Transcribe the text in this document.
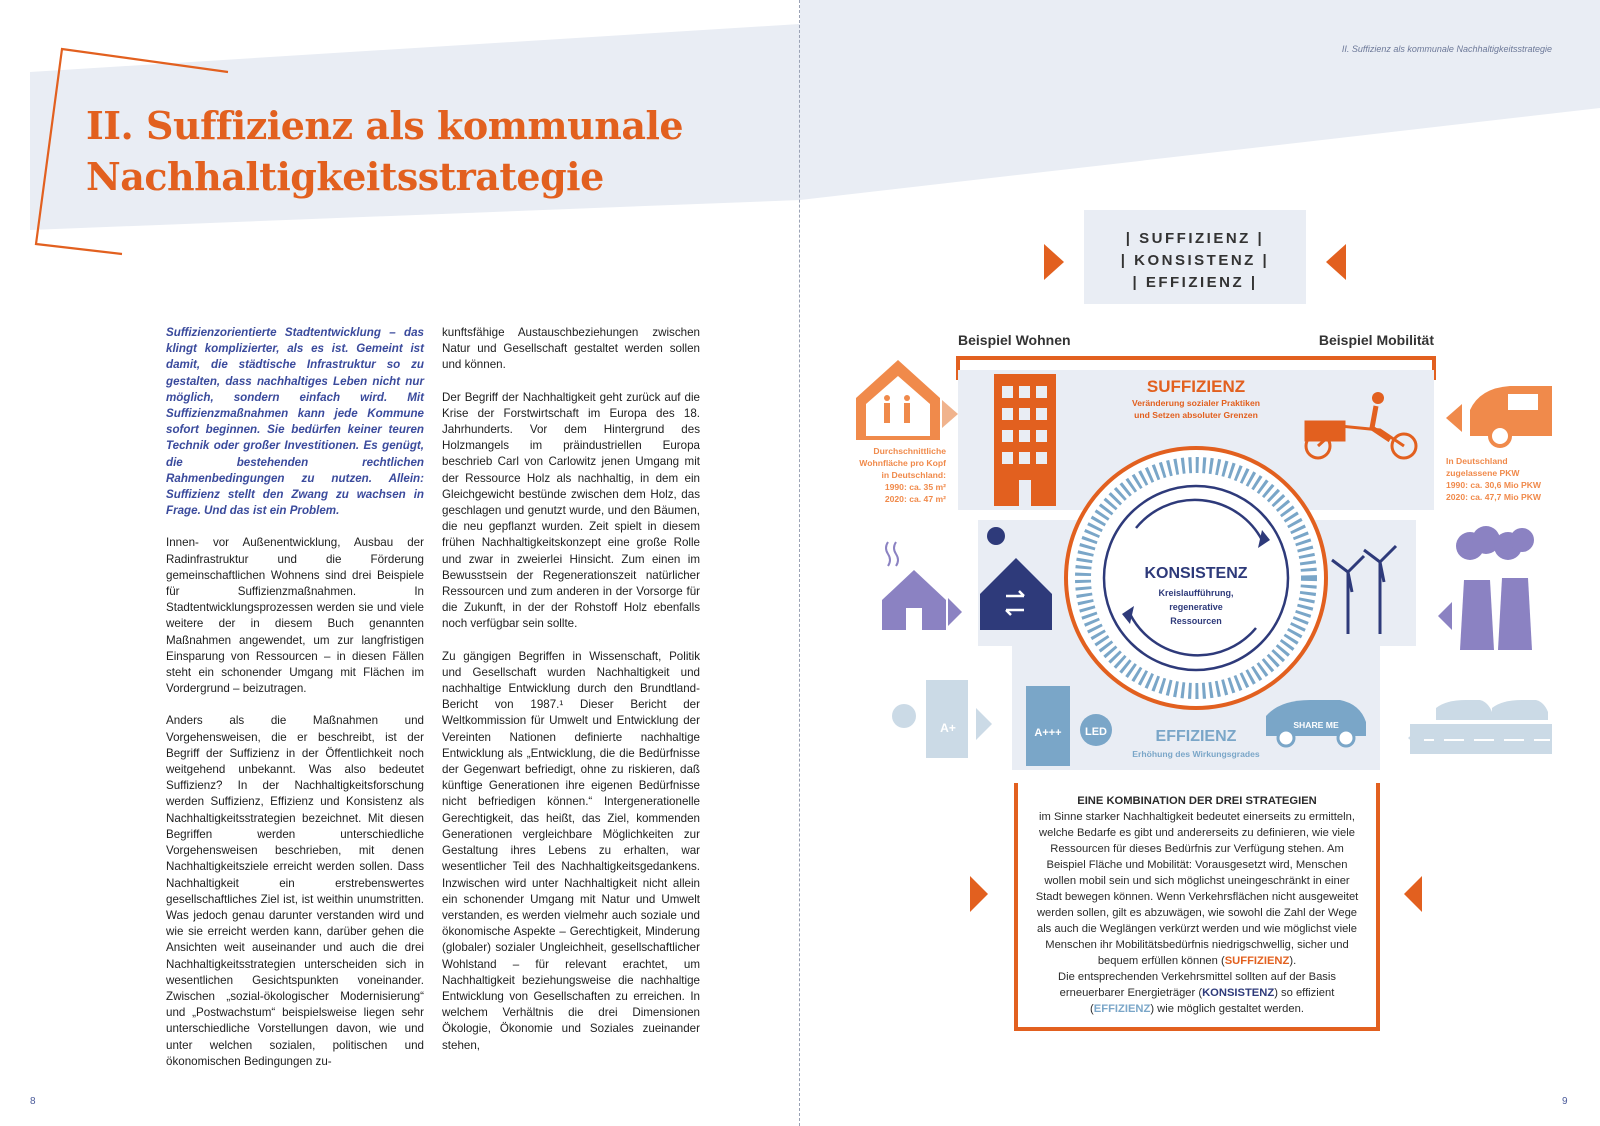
II. Suffizienz als kommunale Nachhaltigkeitsstrategie
II. Suffizienz als kommunale
Nachhaltigkeitsstrategie

Suffizienzorientierte Stadtentwicklung – das klingt komplizierter, als es ist. Gemeint ist damit, die städtische Infrastruktur so zu gestalten, dass nachhaltiges Leben nicht nur möglich, sondern einfach wird. Mit Suffizienzmaßnahmen kann jede Kommune sofort beginnen. Sie bedürfen keiner teuren Technik oder großer Investitionen. Es genügt, die bestehenden rechtlichen Rahmenbedingungen zu nutzen. Allein: Suffizienz stellt den Zwang zu wachsen in Frage. Und das ist ein Problem.

Innen- vor Außenentwicklung, Ausbau der Radinfrastruktur und die Förderung gemeinschaftlichen Wohnens sind drei Beispiele für Suffizienzmaßnahmen. In Stadtentwicklungsprozessen werden sie und viele weitere der in diesem Buch genannten Maßnahmen angewendet, um zur langfristigen Einsparung von Ressourcen – in diesen Fällen steht ein schonender Umgang mit Flächen im Vordergrund – beizutragen.

Anders als die Maßnahmen und Vorgehensweisen, die er beschreibt, ist der Begriff der Suffizienz in der Öffentlichkeit noch weitgehend unbekannt. Was also bedeutet Suffizienz? In der Nachhaltigkeitsforschung werden Suffizienz, Effizienz und Konsistenz als Nachhaltigkeitsstrategien bezeichnet. Mit diesen Begriffen werden unterschiedliche Vorgehensweisen beschrieben, mit denen Nachhaltigkeitsziele erreicht werden sollen. Dass Nachhaltigkeit ein erstrebenswertes gesellschaftliches Ziel ist, ist weithin unumstritten. Was jedoch genau darunter verstanden wird und wie sie erreicht werden kann, darüber gehen die Ansichten weit auseinander und auch die drei Nachhaltigkeitsstrategien unterscheiden sich in wesentlichen Gesichtspunkten voneinander. Zwischen „sozial-ökologischer Modernisierung“ und „Postwachstum“ beispielsweise liegen sehr unterschiedliche Vorstellungen davon, wie und unter welchen sozialen, politischen und ökonomischen Bedingungen zu-

kunftsfähige Austauschbeziehungen zwischen Natur und Gesellschaft gestaltet werden sollen und können.

Der Begriff der Nachhaltigkeit geht zurück auf die Krise der Forstwirtschaft im Europa des 18. Jahrhunderts. Vor dem Hintergrund des Holzmangels im präindustriellen Europa beschrieb Carl von Carlowitz jenen Umgang mit der Ressource Holz als nachhaltig, in dem ein Gleichgewicht bestünde zwischen dem Holz, das geschlagen und genutzt wurde, und den Bäumen, die neu gepflanzt wurden. Zeit spielt in diesem frühen Nachhaltigkeitskonzept eine große Rolle und zwar in zweierlei Hinsicht. Zum einen im Bewusstsein der Regenerationszeit natürlicher Ressourcen und zum anderen in der Vorsorge für die Zukunft, in der der Rohstoff Holz ebenfalls noch verfügbar sein sollte.

Zu gängigen Begriffen in Wissenschaft, Politik und Gesellschaft wurden Nachhaltigkeit und nachhaltige Entwicklung durch den Brundtland-Bericht von 1987.¹ Dieser Bericht der Weltkommission für Umwelt und Entwicklung der Vereinten Nationen definierte nachhaltige Entwicklung als „Entwicklung, die die Bedürfnisse der Gegenwart befriedigt, ohne zu riskieren, daß künftige Generationen ihre eigenen Bedürfnisse nicht befriedigen können.“ Intergenerationelle Gerechtigkeit, das heißt, das Ziel, kommenden Generationen vergleichbare Möglichkeiten zur Gestaltung ihres Lebens zu erhalten, war wesentlicher Teil des Nachhaltigkeitsgedankens. Inzwischen wird unter Nachhaltigkeit nicht allein ein schonender Umgang mit Natur und Umwelt verstanden, es werden vielmehr auch soziale und ökonomische Aspekte – Gerechtigkeit, Minderung (globaler) sozialer Ungleichheit, gesellschaftlicher Wohlstand – für relevant erachtet, um Nachhaltigkeit beziehungsweise die nachhaltige Entwicklung von Gesellschaften zu erreichen. In welchem Verhältnis die drei Dimensionen Ökologie, Ökonomie und Soziales zueinander stehen,

8	9
| SUFFIZIENZ |
| KONSISTENZ |
| EFFIZIENZ |
Beispiel Wohnen	Beispiel Mobilität
Durchschnittliche
Wohnfläche pro Kopf
in Deutschland:
1990: ca. 35 m²
2020: ca. 47 m²
SUFFIZIENZ
Veränderung sozialer Praktiken
und Setzen absoluter Grenzen
In Deutschland
zugelassene PKW
1990: ca. 30,6 Mio PKW
2020: ca. 47,7 Mio PKW
A+	A+++ LED
SHARE ME
EFFIZIENZ
Erhöhung des Wirkungsgrades
KONSISTENZ
Kreislaufführung,
regenerative
Ressourcen
EINE KOMBINATION DER DREI STRATEGIEN
im Sinne starker Nachhaltigkeit bedeutet einerseits zu ermitteln, welche Bedarfe es gibt und andererseits zu definieren, wie viele Ressourcen für dieses Bedürfnis zur Verfügung stehen. Am Beispiel Fläche und Mobilität: Vorausgesetzt wird, Menschen wollen mobil sein und sich möglichst uneingeschränkt in einer Stadt bewegen können. Wenn Verkehrsflächen nicht ausgeweitet werden sollen, gilt es abzuwägen, wie sowohl die Zahl der Wege als auch die Weglängen verkürzt werden und wie möglichst viele Menschen ihr Mobilitätsbedürfnis niedrigschwellig, sicher und bequem erfüllen können (SUFFIZIENZ).
Die entsprechenden Verkehrsmittel sollten auf der Basis erneuerbarer Energieträger (KONSISTENZ) so effizient (EFFIZIENZ) wie möglich gestaltet werden.
